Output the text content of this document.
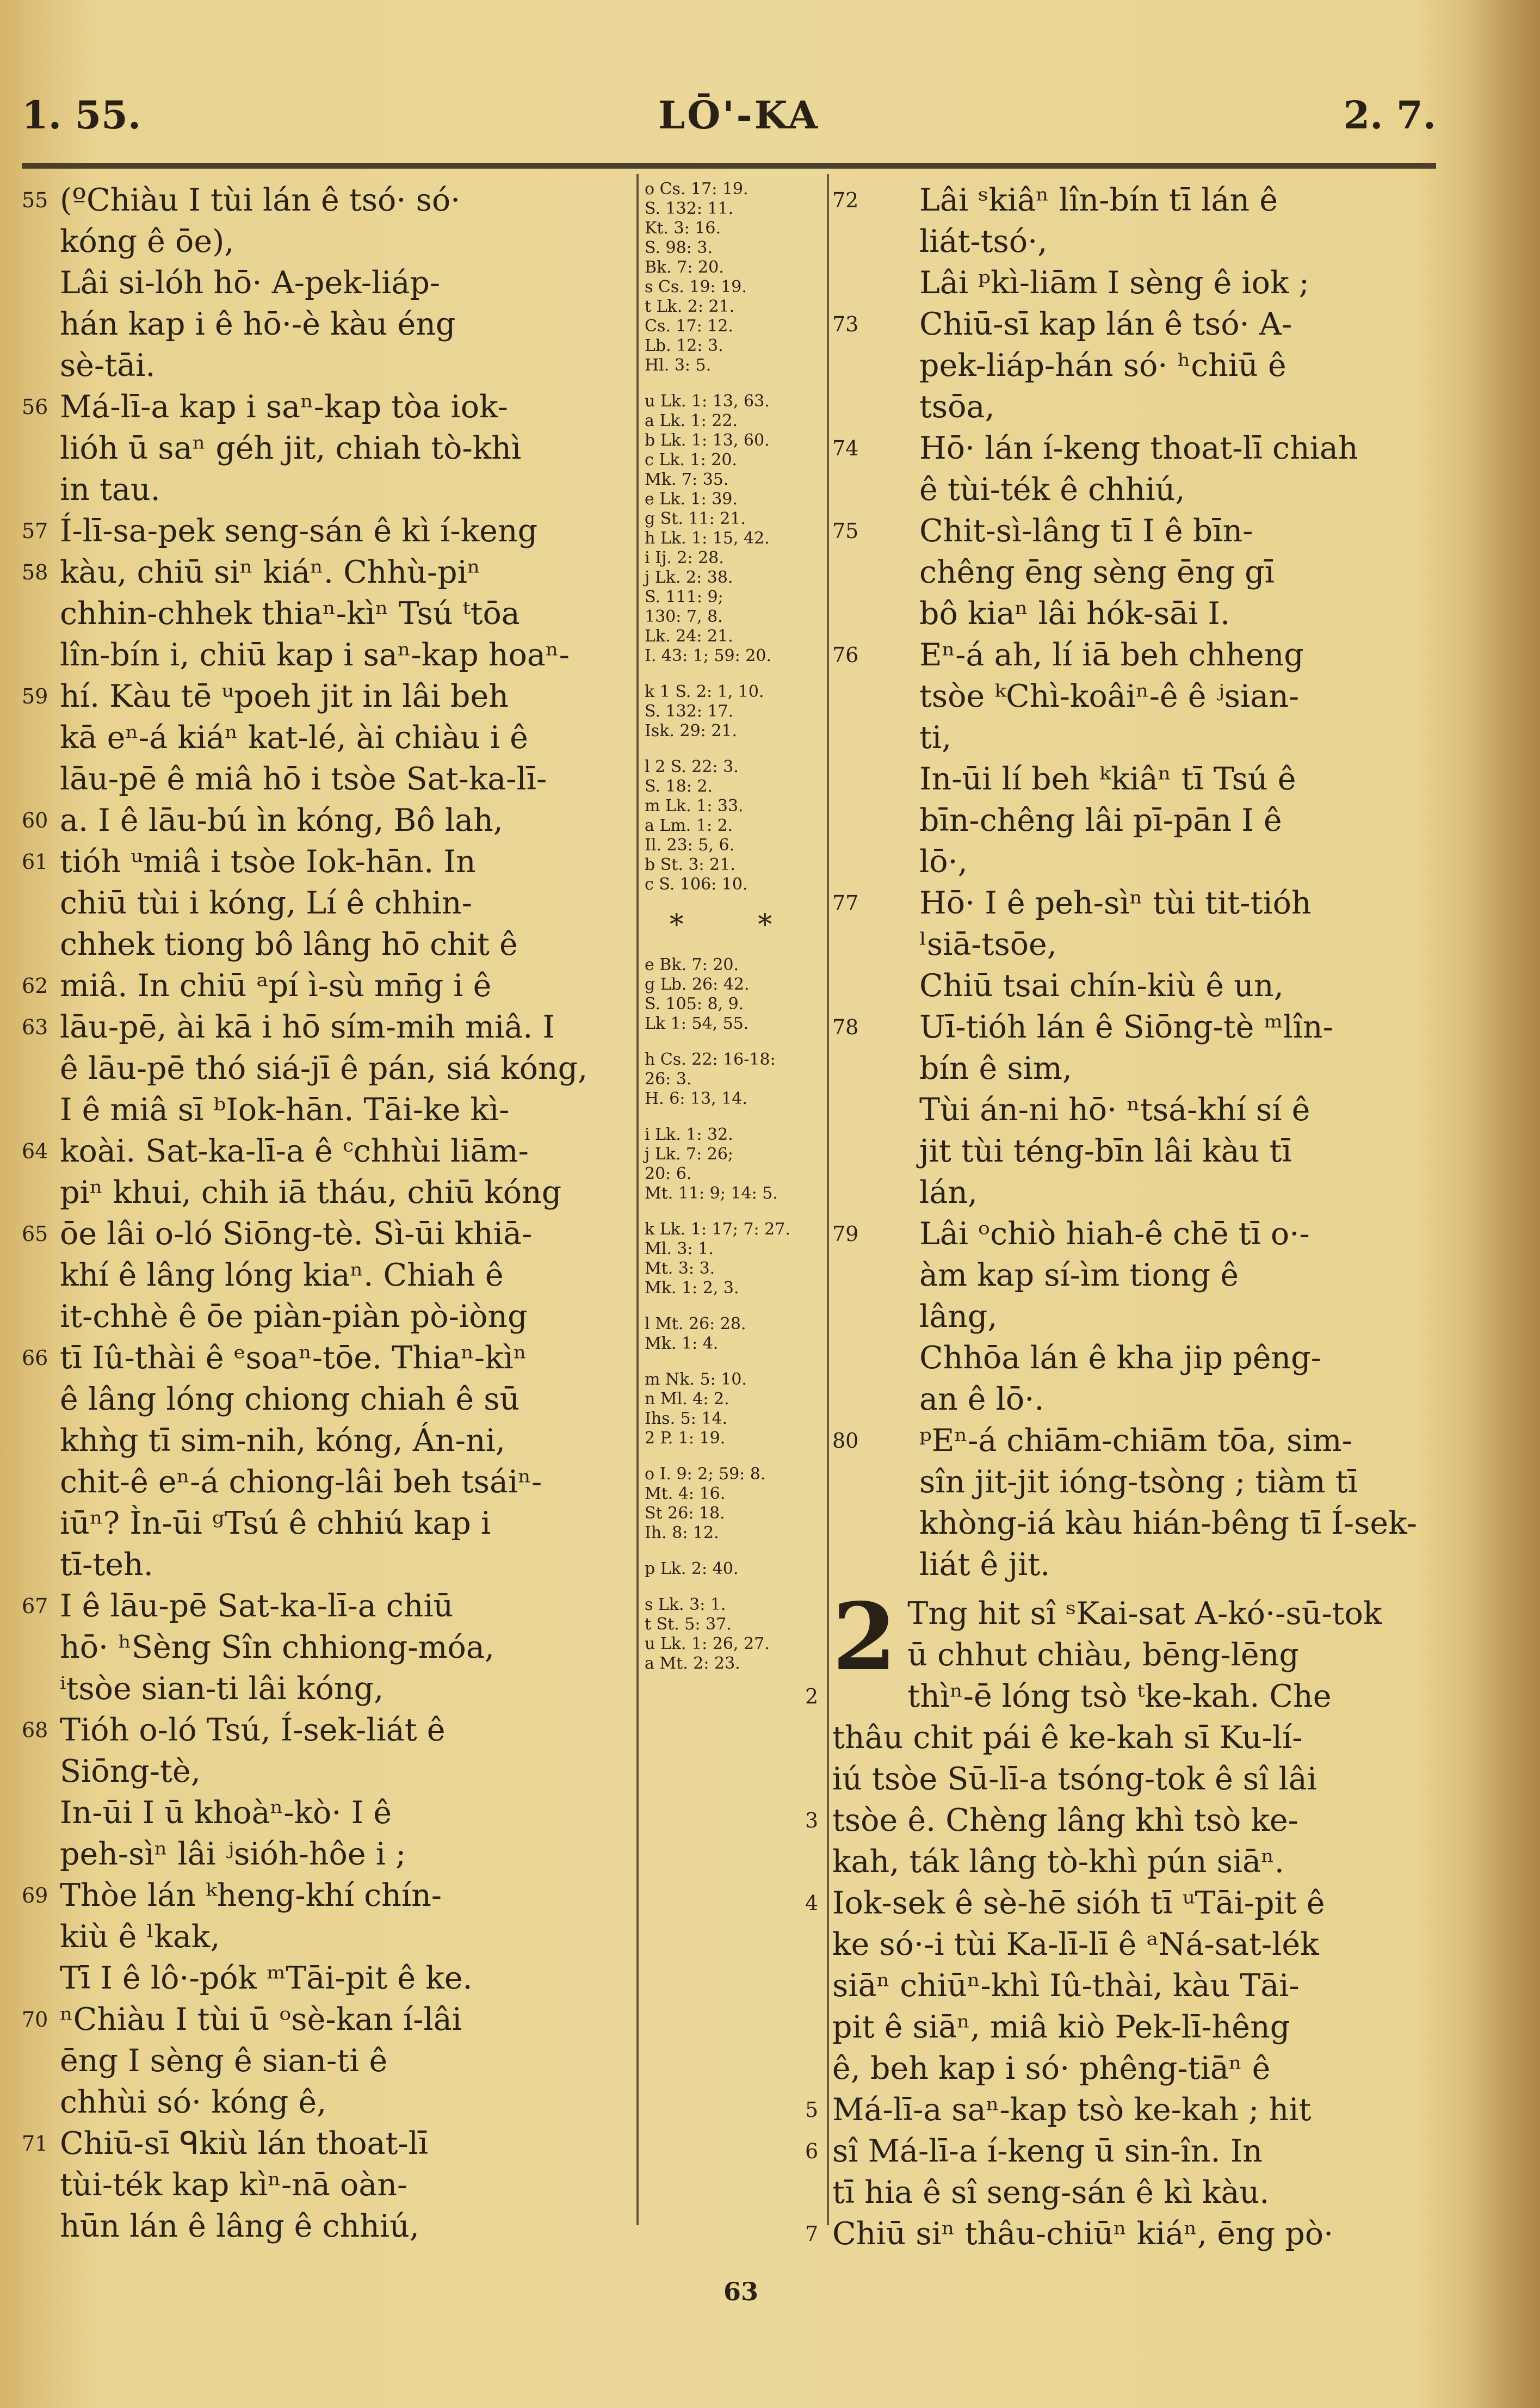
1. 55.	LŌ'-KA	2. 7.
55 (ºChiàu I tùi lán ê tsó· só·
kóng ê ōe),
Lâi si-lóh hō· A-pek-liáp-
hán kap i ê hō·-è kàu éng
sè-tāi.
56 Má-lī-a kap i saⁿ-kap tòa iok-
lióh ū saⁿ géh jit, chiah tò-khì
in tau.
57 Í-lī-sa-pek seng-sán ê kì í-keng
58 kàu, chiū siⁿ kiáⁿ. Chhù-piⁿ
chhin-chhek thiaⁿ-kìⁿ Tsú ᵗtōa
lîn-bín i, chiū kap i saⁿ-kap hoaⁿ-
59 hí. Kàu tē ᵘpoeh jit in lâi beh
kā eⁿ-á kiáⁿ kat-lé, ài chiàu i ê
lāu-pē ê miâ hō i tsòe Sat-ka-lī-
60 a. I ê lāu-bú ìn kóng, Bô lah,
61 tióh ᵘmiâ i tsòe Iok-hān. In
chiū tùi i kóng, Lí ê chhin-
chhek tiong bô lâng hō chit ê
62 miâ. In chiū ᵃpí ì-sù mn̄g i ê
63 lāu-pē, ài kā i hō sím-mih miâ. I
ê lāu-pē thó siá-jī ê pán, siá kóng,
I ê miâ sī ᵇIok-hān. Tāi-ke kì-
64 koài. Sat-ka-lī-a ê ᶜchhùi liām-
piⁿ khui, chih iā tháu, chiū kóng
65 ōe lâi o-ló Siōng-tè. Sì-ūi khiā-
khí ê lâng lóng kiaⁿ. Chiah ê
it-chhè ê ōe piàn-piàn pò-iòng
66 tī Iû-thài ê ᵉsoaⁿ-tōe. Thiaⁿ-kìⁿ
ê lâng lóng chiong chiah ê sū
khǹg tī sim-nih, kóng, Án-ni,
chit-ê eⁿ-á chiong-lâi beh tsáiⁿ-
iūⁿ? Ìn-ūi ᵍTsú ê chhiú kap i
tī-teh.
67 I ê lāu-pē Sat-ka-lī-a chiū
hō· ʰSèng Sîn chhiong-móa,
ⁱtsòe sian-ti lâi kóng,
68 Tióh o-ló Tsú, Í-sek-liát ê
Siōng-tè,
In-ūi I ū khoàⁿ-kò· I ê
peh-sìⁿ lâi ʲsióh-hôe i ;
69 Thòe lán ᵏheng-khí chín-
kiù ê ˡkak,
Tī I ê lô·-pók ᵐTāi-pit ê ke.
70 ⁿChiàu I tùi ū ᵒsè-kan í-lâi
ēng I sèng ê sian-ti ê
chhùi só· kóng ê,
71 Chiū-sī ᑫkiù lán thoat-lī
tùi-ték kap kìⁿ-nā oàn-
hūn lán ê lâng ê chhiú,
o Cs. 17: 19.
S. 132: 11.
Kt. 3: 16.
S. 98: 3.
Bk. 7: 20.
s Cs. 19: 19.
t Lk. 2: 21.
Cs. 17: 12.
Lb. 12: 3.
Hl. 3: 5.
u Lk. 1: 13, 63.
a Lk. 1: 22.
b Lk. 1: 13, 60.
c Lk. 1: 20.
Mk. 7: 35.
e Lk. 1: 39.
g St. 11: 21.
h Lk. 1: 15, 42.
i Ij. 2: 28.
j Lk. 2: 38.
S. 111: 9;
130: 7, 8.
Lk. 24: 21.
I. 43: 1; 59: 20.
k 1 S. 2: 1, 10.
S. 132: 17.
Isk. 29: 21.
l 2 S. 22: 3.
S. 18: 2.
m Lk. 1: 33.
a Lm. 1: 2.
Il. 23: 5, 6.
b St. 3: 21.
c S. 106: 10.
* *
e Bk. 7: 20.
g Lb. 26: 42.
S. 105: 8, 9.
Lk 1: 54, 55.
h Cs. 22: 16-18:
26: 3.
H. 6: 13, 14.
i Lk. 1: 32.
j Lk. 7: 26;
20: 6.
Mt. 11: 9; 14: 5.
k Lk. 1: 17; 7: 27.
Ml. 3: 1.
Mt. 3: 3.
Mk. 1: 2, 3.
l Mt. 26: 28.
Mk. 1: 4.
m Nk. 5: 10.
n Ml. 4: 2.
Ihs. 5: 14.
2 P. 1: 19.
o I. 9: 2; 59: 8.
Mt. 4: 16.
St 26: 18.
Ih. 8: 12.
p Lk. 2: 40.
s Lk. 3: 1.
t St. 5: 37.
u Lk. 1: 26, 27.
a Mt. 2: 23.
72	Lâi ˢkiâⁿ lîn-bín tī lán ê
liát-tsó·,
Lâi ᵖkì-liām I sèng ê iok ;
73	Chiū-sī kap lán ê tsó· A-
pek-liáp-hán só· ʰchiū ê
tsōa,
74	Hō· lán í-keng thoat-lī chiah
ê tùi-ték ê chhiú,
75	Chit-sì-lâng tī I ê bīn-
chêng ēng sèng ēng gī
bô kiaⁿ lâi hók-sāi I.
76	Eⁿ-á ah, lí iā beh chheng
tsòe ᵏChì-koâiⁿ-ê ê ʲsian-
ti,
In-ūi lí beh ᵏkiâⁿ tī Tsú ê
bīn-chêng lâi pī-pān I ê
lō·,
77	Hō· I ê peh-sìⁿ tùi tit-tióh
ˡsiā-tsōe,
Chiū tsai chín-kiù ê un,
78	Uī-tióh lán ê Siōng-tè ᵐlîn-
bín ê sim,
Tùi án-ni hō· ⁿtsá-khí sí ê
jit tùi téng-bīn lâi kàu tī
lán,
79	Lâi ᵒchiò hiah-ê chē tī o·-
àm kap sí-ìm tiong ê
lâng,
Chhōa lán ê kha jip pêng-
an ê lō·.
80	ᵖEⁿ-á chiām-chiām tōa, sim-
sîn jit-jit ióng-tsòng ; tiàm tī
khòng-iá kàu hián-bêng tī Í-sek-
liát ê jit.
2 Tng hit sî ˢKai-sat A-kó·-sū-tok
ū chhut chiàu, bēng-lēng
2	thìⁿ-ē lóng tsò ᵗke-kah. Che
thâu chit pái ê ke-kah sī Ku-lí-
iú tsòe Sū-lī-a tsóng-tok ê sî lâi
3 tsòe ê. Chèng lâng khì tsò ke-
kah, ták lâng tò-khì pún siāⁿ.
4 Iok-sek ê sè-hē sióh tī ᵘTāi-pit ê
ke só·-i tùi Ka-lī-lī ê ᵃNá-sat-lék
siāⁿ chiūⁿ-khì Iû-thài, kàu Tāi-
pit ê siāⁿ, miâ kiò Pek-lī-hêng
ê, beh kap i só· phêng-tiāⁿ ê
5 Má-lī-a saⁿ-kap tsò ke-kah ; hit
6 sî Má-lī-a í-keng ū sin-în. In
tī hia ê sî seng-sán ê kì kàu.
7 Chiū siⁿ thâu-chiūⁿ kiáⁿ, ēng pò·
63
